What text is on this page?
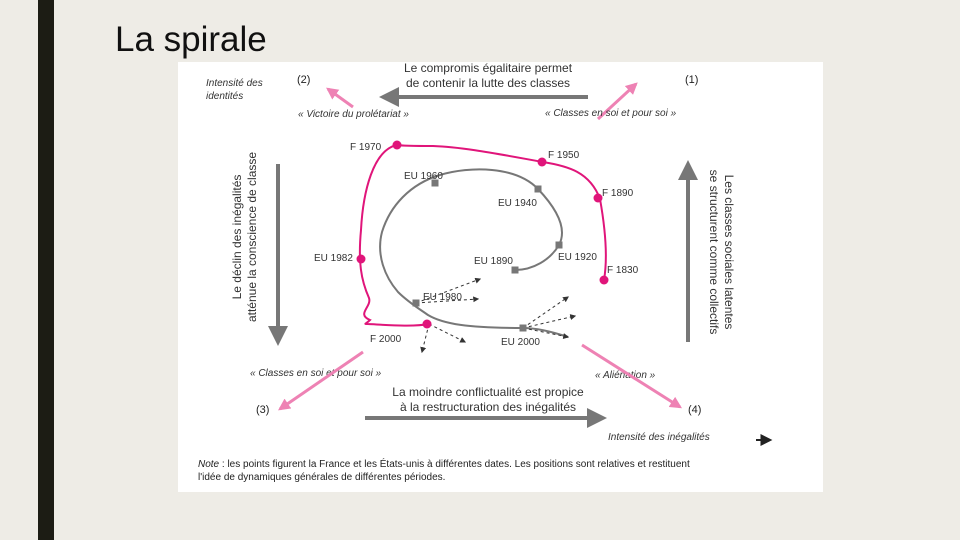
La spirale
Le compromis égalitaire permet
de contenir la lutte des classes
La moindre conflictualité est propice
à la restructuration des inégalités
Le déclin des inégalités atténue la conscience de classe	Les classes sociales latentes
se structurent comme collectifs
Intensité des
identités
Intensité des inégalités
(1)
« Classes en soi et pour soi »
(2)
« Victoire du prolétariat »
« Classes en soi et pour soi »
(3)
« Aliénation »
(4)
F 1830
F 1890
F 1950
F 1970
EU 1982
F 2000
EU 1890	EU 1920
EU 1940
EU 1960
EU 1980
EU 2000
Note : les points figurent la France et les États-unis à différentes dates. Les positions sont relatives et restituent
l'idée de dynamiques générales de différentes périodes.
